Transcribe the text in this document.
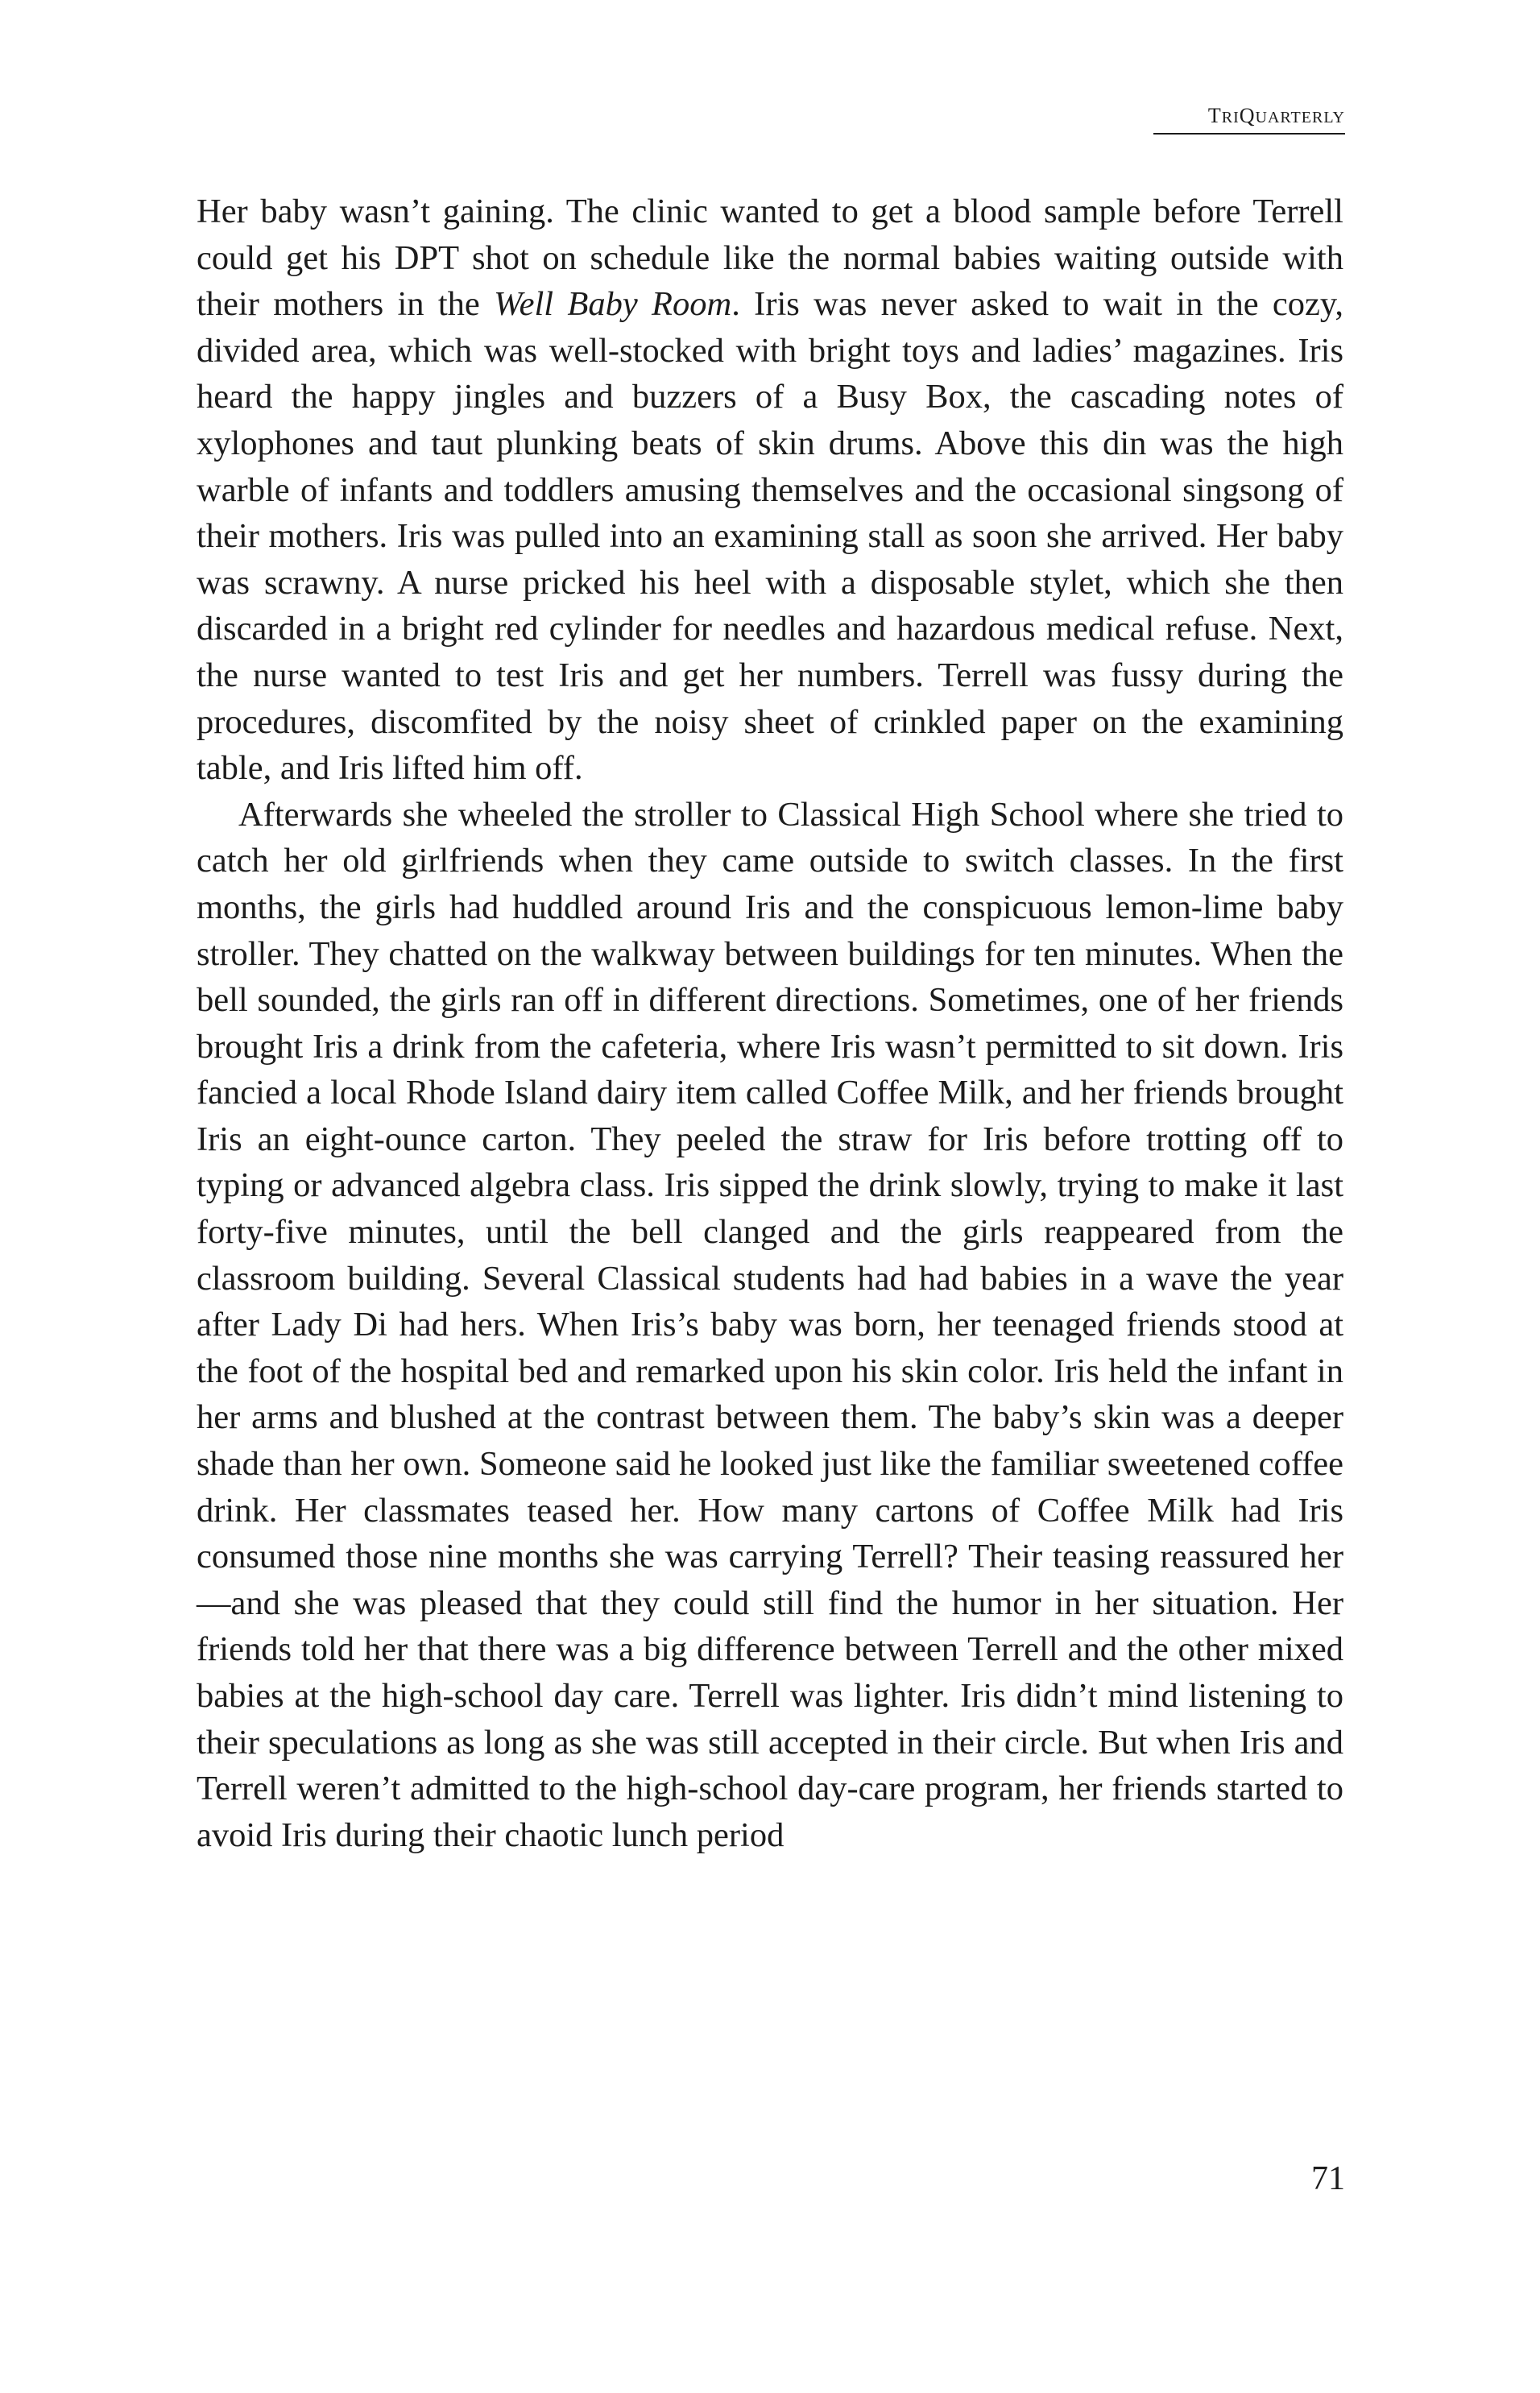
TRIQUARTERLY

Her baby wasn’t gaining. The clinic wanted to get a blood sample before Terrell could get his DPT shot on schedule like the normal babies waiting outside with their mothers in the Well Baby Room. Iris was never asked to wait in the cozy, divided area, which was well-stocked with bright toys and ladies’ magazines. Iris heard the happy jingles and buzzers of a Busy Box, the cascading notes of xylophones and taut plunking beats of skin drums. Above this din was the high warble of infants and toddlers amusing themselves and the occasional singsong of their mothers. Iris was pulled into an examining stall as soon she arrived. Her baby was scrawny. A nurse pricked his heel with a disposable stylet, which she then discarded in a bright red cylinder for needles and hazardous medical refuse. Next, the nurse wanted to test Iris and get her numbers. Terrell was fussy during the procedures, discomfited by the noisy sheet of crinkled paper on the examining table, and Iris lifted him off.

Afterwards she wheeled the stroller to Classical High School where she tried to catch her old girlfriends when they came outside to switch classes. In the first months, the girls had huddled around Iris and the conspicuous lemon-lime baby stroller. They chatted on the walkway between buildings for ten minutes. When the bell sounded, the girls ran off in different directions. Sometimes, one of her friends brought Iris a drink from the cafeteria, where Iris wasn’t permitted to sit down. Iris fancied a local Rhode Island dairy item called Coffee Milk, and her friends brought Iris an eight-ounce carton. They peeled the straw for Iris before trotting off to typing or advanced algebra class. Iris sipped the drink slowly, trying to make it last forty-five minutes, until the bell clanged and the girls reappeared from the classroom building. Several Classical students had had babies in a wave the year after Lady Di had hers. When Iris’s baby was born, her teenaged friends stood at the foot of the hospital bed and remarked upon his skin color. Iris held the infant in her arms and blushed at the contrast between them. The baby’s skin was a deeper shade than her own. Someone said he looked just like the familiar sweetened coffee drink. Her classmates teased her. How many cartons of Coffee Milk had Iris consumed those nine months she was carrying Terrell? Their teasing reassured her—and she was pleased that they could still find the humor in her situation. Her friends told her that there was a big difference between Terrell and the other mixed babies at the high-school day care. Terrell was lighter. Iris didn’t mind listening to their speculations as long as she was still accepted in their circle. But when Iris and Terrell weren’t admitted to the high-school day-care program, her friends started to avoid Iris during their chaotic lunch period

71
